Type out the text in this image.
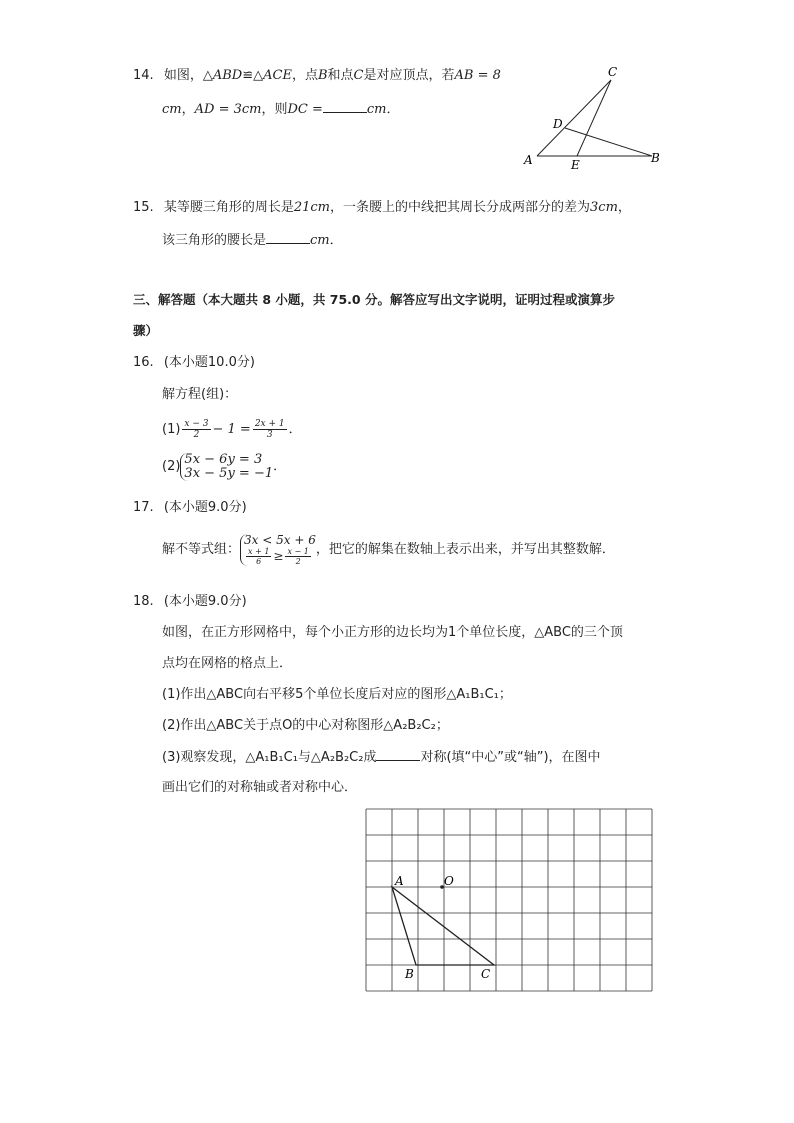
14. 如图，△ABD≌△ACE，点B和点C是对应顶点，若AB = 8
cm，AD = 3cm，则DC =	cm．
C
D
A	E	B
15. 某等腰三角形的周长是21cm，一条腰上的中线把其周长分成两部分的差为3cm，
该三角形的腰长是	cm．
三、解答题（本大题共 8 小题，共 75.0 分。解答应写出文字说明，证明过程或演算步
骤）
16. (本小题10.0分)
解方程(组)：
$(1) \frac{x - 3}{2} - 1 = \frac{2x + 1}{3}$ ．
(2) 5x − 6y = 3
3x − 5y = −1 ．
17. (本小题9.0分)
解不等式组：
3x < 5x + 6
$\frac{x + 1}{6} \ge \frac{x - 1}{2}$ ，把它的解集在数轴上表示出来，并写出其整数解．
18. (本小题9.0分)
如图，在正方形网格中，每个小正方形的边长均为1个单位长度，△ABC的三个顶
点均在网格的格点上．
(1)作出△ABC向右平移5个单位长度后对应的图形△A₁B₁C₁；
(2)作出△ABC关于点O的中心对称图形△A₂B₂C₂；
(3)观察发现，△A₁B₁C₁与△A₂B₂C₂成	对称(填“中心”或“轴”)，在图中
画出它们的对称轴或者对称中心．
A	O
B	C
